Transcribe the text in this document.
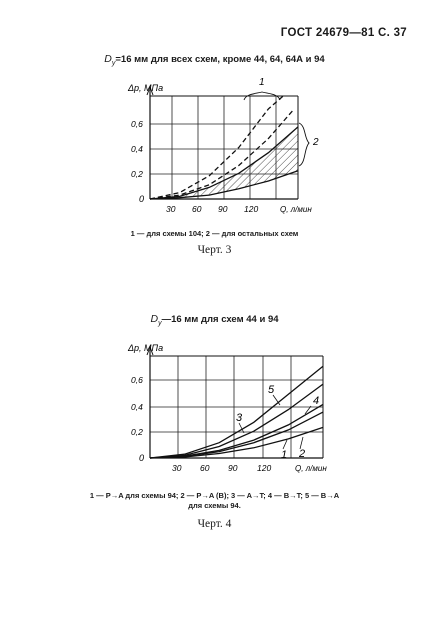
ГОСТ 24679—81 С. 37
$D_y=16$ мм для всех схем, кроме 44, 64, 64А и 94
Δp, МПа
Q, л/мин
0
30 60 90 120
0,6
0,4
0,2
1
2
Δp, МПа
Q, л/мин
0
30 60 90 120
0,6
0,4
0,2
5
4
3
1 2
1 — для схемы 104; 2 — для остальных схем
Черт. 3
$D_y—16$ мм для схем 44 и 94
1 — P→A для схемы 94; 2 — P→A (B); 3 — A→T; 4 — B→T; 5 — B→A
для схемы 94.
Черт. 4
